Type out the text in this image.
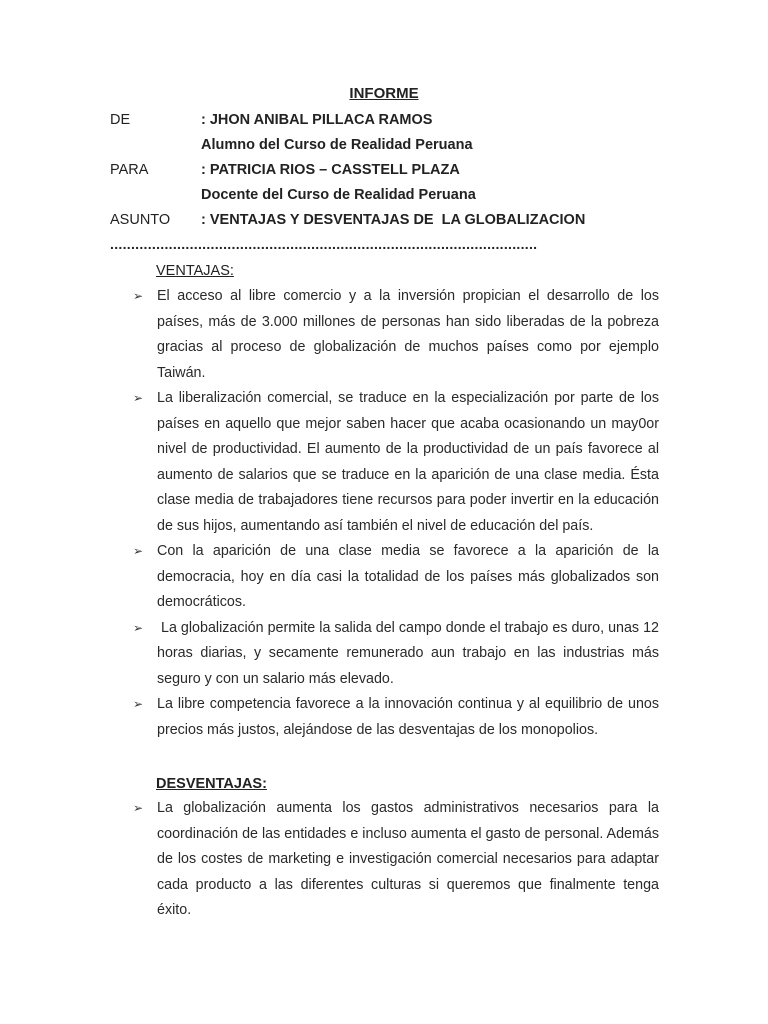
INFORME
DE	: JHON ANIBAL PILLACA RAMOS
Alumno del Curso de Realidad Peruana
PARA	: PATRICIA RIOS – CASSTELL PLAZA
Docente del Curso de Realidad Peruana
ASUNTO	: VENTAJAS Y DESVENTAJAS DE  LA GLOBALIZACION
......................................................................................................
VENTAJAS:
➢ El acceso al libre comercio y a la inversión propician el desarrollo de los países, más de 3.000 millones de personas han sido liberadas de la pobreza gracias al proceso de globalización de muchos países como por ejemplo Taiwán.
➢ La liberalización comercial, se traduce en la especialización por parte de los países en aquello que mejor saben hacer que acaba ocasionando un may0or nivel de productividad. El aumento de la productividad de un país favorece al aumento de salarios que se traduce en la aparición de una clase media. Ésta clase media de trabajadores tiene recursos para poder invertir en la educación de sus hijos, aumentando así también el nivel de educación del país.
➢ Con la aparición de una clase media se favorece a la aparición de la democracia, hoy en día casi la totalidad de los países más globalizados son democráticos.
➢ La globalización permite la salida del campo donde el trabajo es duro, unas 12 horas diarias, y secamente remunerado aun trabajo en las industrias más seguro y con un salario más elevado.
➢ La libre competencia favorece a la innovación continua y al equilibrio de unos precios más justos, alejándose de las desventajas de los monopolios.
DESVENTAJAS:
➢ La globalización aumenta los gastos administrativos necesarios para la coordinación de las entidades e incluso aumenta el gasto de personal. Además de los costes de marketing e investigación comercial necesarios para adaptar cada producto a las diferentes culturas si queremos que finalmente tenga éxito.
